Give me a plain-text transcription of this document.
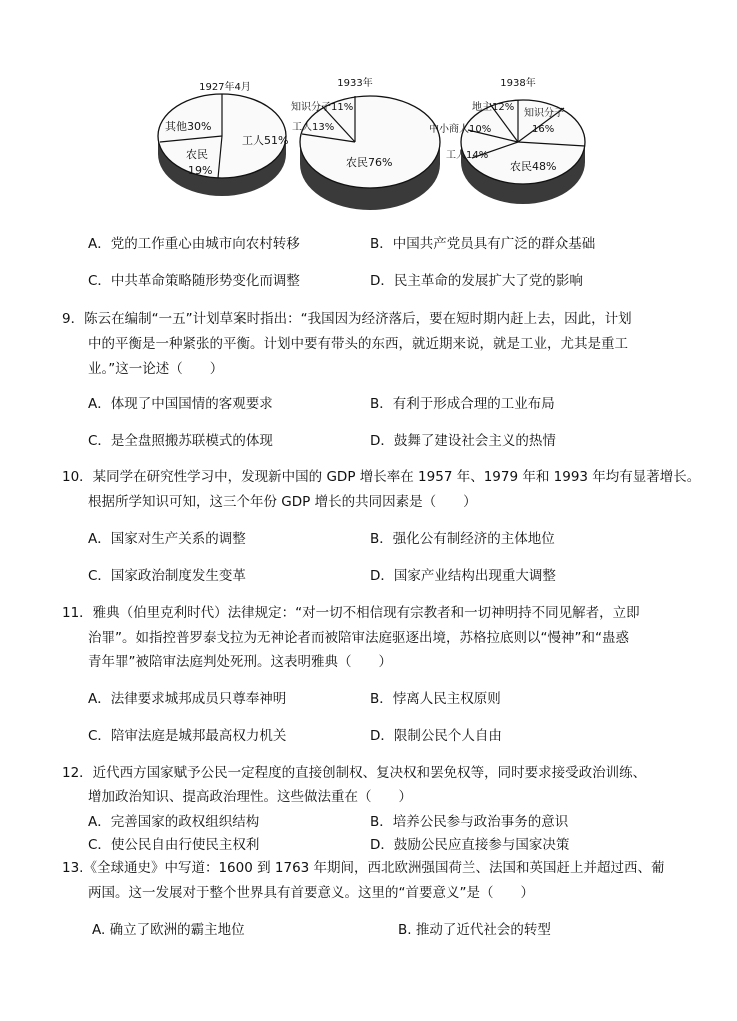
1927年4月
工人51%
其他30%
农民
19%
1933年
知识分子11%
工人13%
农民76%
1938年
地主12%
知识分子
16%
中小商人10%
工人14%
农民48%
A．党的工作重心由城市向农村转移	B．中国共产党员具有广泛的群众基础
C．中共革命策略随形势变化而调整	D．民主革命的发展扩大了党的影响
9．陈云在编制“一五”计划草案时指出：“我国因为经济落后，要在短时期内赶上去，因此，计划
中的平衡是一种紧张的平衡。计划中要有带头的东西，就近期来说，就是工业，尤其是重工
业。”这一论述（　　）
A．体现了中国国情的客观要求	B．有利于形成合理的工业布局
C．是全盘照搬苏联模式的体现	D．鼓舞了建设社会主义的热情
10．某同学在研究性学习中，发现新中国的 GDP 增长率在 1957 年、1979 年和 1993 年均有显著增长。
根据所学知识可知，这三个年份 GDP 增长的共同因素是（　　）
A．国家对生产关系的调整	B．强化公有制经济的主体地位
C．国家政治制度发生变革	D．国家产业结构出现重大调整
11．雅典（伯里克利时代）法律规定：“对一切不相信现有宗教者和一切神明持不同见解者，立即
治罪”。如指控普罗泰戈拉为无神论者而被陪审法庭驱逐出境，苏格拉底则以“慢神”和“蛊惑
青年罪”被陪审法庭判处死刑。这表明雅典（　　）
A．法律要求城邦成员只尊奉神明	B．悖离人民主权原则
C．陪审法庭是城邦最高权力机关	D．限制公民个人自由
12．近代西方国家赋予公民一定程度的直接创制权、复决权和罢免权等，同时要求接受政治训练、
增加政治知识、提高政治理性。这些做法重在（　　）
A．完善国家的政权组织结构	B．培养公民参与政治事务的意识
C．使公民自由行使民主权利	D．鼓励公民应直接参与国家决策
13.《全球通史》中写道：1600 到 1763 年期间，西北欧洲强国荷兰、法国和英国赶上并超过西、葡
两国。这一发展对于整个世界具有首要意义。这里的“首要意义”是（　　）
A. 确立了欧洲的霸主地位	B. 推动了近代社会的转型
